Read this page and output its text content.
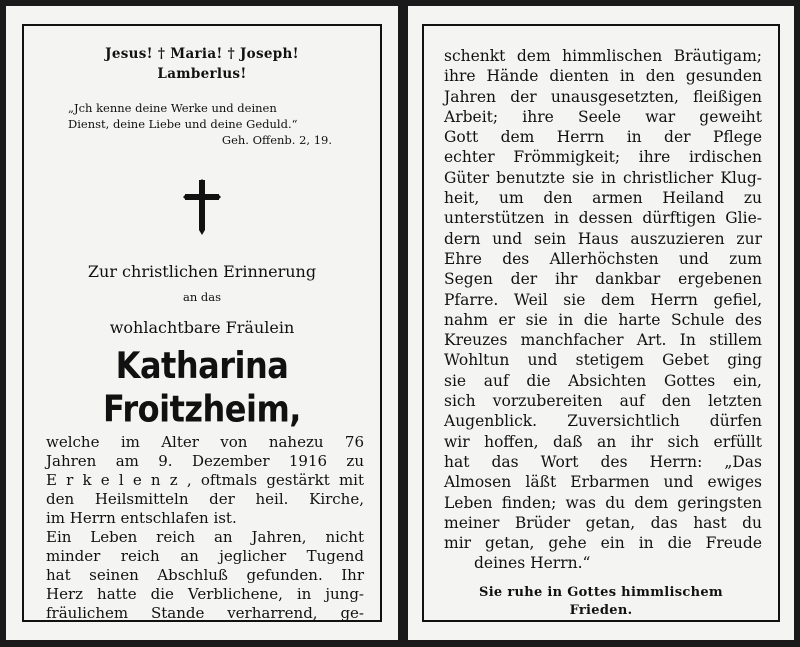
Jesus! † Maria! † Joseph!
Lamberlus!
„Jch kenne deine Werke und deinen
Dienst, deine Liebe und deine Geduld.“
Geh. Offenb. 2, 19.
Zur christlichen Erinnerung
an das
wohlachtbare Fräulein
Katharina Froitzheim,
welche im Alter von nahezu 76
Jahren am 9. Dezember 1916 zu
E r k e l e n z , oftmals gestärkt mit
den Heilsmitteln der heil. Kirche,
im Herrn entschlafen ist.
Ein Leben reich an Jahren, nicht
minder reich an jeglicher Tugend
hat seinen Abschluß gefunden. Ihr
Herz hatte die Verblichene, in jung-
fräulichem Stande verharrend, ge-
schenkt dem himmlischen Bräutigam;
ihre Hände dienten in den gesunden
Jahren der unausgesetzten, fleißigen
Arbeit; ihre Seele war geweiht
Gott dem Herrn in der Pflege
echter Frömmigkeit; ihre irdischen
Güter benutzte sie in christlicher Klug-
heit, um den armen Heiland zu
unterstützen in dessen dürftigen Glie-
dern und sein Haus auszuzieren zur
Ehre des Allerhöchsten und zum
Segen der ihr dankbar ergebenen
Pfarre. Weil sie dem Herrn gefiel,
nahm er sie in die harte Schule des
Kreuzes manchfacher Art. In stillem
Wohltun und stetigem Gebet ging
sie auf die Absichten Gottes ein,
sich vorzubereiten auf den letzten
Augenblick. Zuversichtlich dürfen
wir hoffen, daß an ihr sich erfüllt
hat das Wort des Herrn: „Das
Almosen läßt Erbarmen und ewiges
Leben finden; was du dem geringsten
meiner Brüder getan, das hast du
mir getan, gehe ein in die Freude
deines Herrn.“
Sie ruhe in Gottes himmlischem
Frieden.
